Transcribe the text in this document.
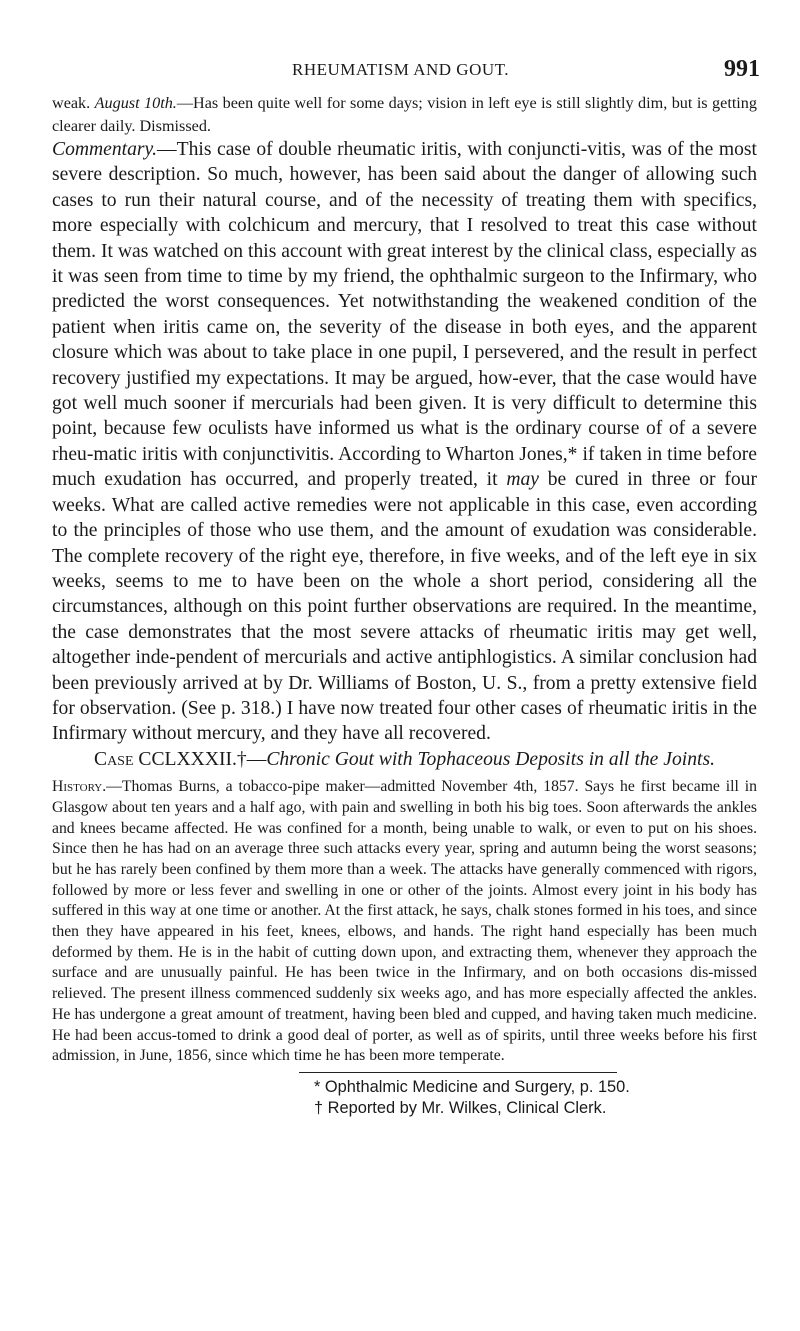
RHEUMATISM AND GOUT.	991

weak. August 10th.—Has been quite well for some days; vision in left eye is still slightly dim, but is getting clearer daily. Dismissed.

Commentary.—This case of double rheumatic iritis, with conjuncti-vitis, was of the most severe description. So much, however, has been said about the danger of allowing such cases to run their natural course, and of the necessity of treating them with specifics, more especially with colchicum and mercury, that I resolved to treat this case without them. It was watched on this account with great interest by the clinical class, especially as it was seen from time to time by my friend, the ophthalmic surgeon to the Infirmary, who predicted the worst consequences. Yet notwithstanding the weakened condition of the patient when iritis came on, the severity of the disease in both eyes, and the apparent closure which was about to take place in one pupil, I persevered, and the result in perfect recovery justified my expectations. It may be argued, how-ever, that the case would have got well much sooner if mercurials had been given. It is very difficult to determine this point, because few oculists have informed us what is the ordinary course of of a severe rheu-matic iritis with conjunctivitis. According to Wharton Jones,* if taken in time before much exudation has occurred, and properly treated, it may be cured in three or four weeks. What are called active remedies were not applicable in this case, even according to the principles of those who use them, and the amount of exudation was considerable. The complete recovery of the right eye, therefore, in five weeks, and of the left eye in six weeks, seems to me to have been on the whole a short period, considering all the circumstances, although on this point further observations are required. In the meantime, the case demonstrates that the most severe attacks of rheumatic iritis may get well, altogether inde-pendent of mercurials and active antiphlogistics. A similar conclusion had been previously arrived at by Dr. Williams of Boston, U. S., from a pretty extensive field for observation. (See p. 318.) I have now treated four other cases of rheumatic iritis in the Infirmary without mercury, and they have all recovered.

Case CCLXXXII.†—Chronic Gout with Tophaceous Deposits in all the Joints.

History.—Thomas Burns, a tobacco-pipe maker—admitted November 4th, 1857. Says he first became ill in Glasgow about ten years and a half ago, with pain and swelling in both his big toes. Soon afterwards the ankles and knees became affected. He was confined for a month, being unable to walk, or even to put on his shoes. Since then he has had on an average three such attacks every year, spring and autumn being the worst seasons; but he has rarely been confined by them more than a week. The attacks have generally commenced with rigors, followed by more or less fever and swelling in one or other of the joints. Almost every joint in his body has suffered in this way at one time or another. At the first attack, he says, chalk stones formed in his toes, and since then they have appeared in his feet, knees, elbows, and hands. The right hand especially has been much deformed by them. He is in the habit of cutting down upon, and extracting them, whenever they approach the surface and are unusually painful. He has been twice in the Infirmary, and on both occasions dis-missed relieved. The present illness commenced suddenly six weeks ago, and has more especially affected the ankles. He has undergone a great amount of treatment, having been bled and cupped, and having taken much medicine. He had been accus-tomed to drink a good deal of porter, as well as of spirits, until three weeks before his first admission, in June, 1856, since which time he has been more temperate.

* Ophthalmic Medicine and Surgery, p. 150.
† Reported by Mr. Wilkes, Clinical Clerk.
